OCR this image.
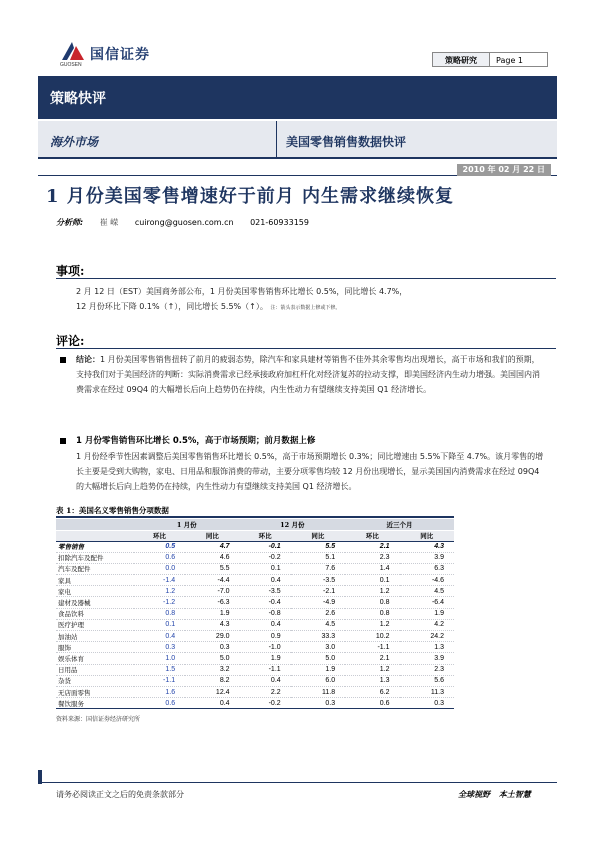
国信证券
GUOSEN	策略研究	Page 1
策略快评
海外市场	美国零售销售数据快评
2010 年 02 月 22 日
1 月份美国零售增速好于前月 内生需求继续恢复
分析师: 崔 嵘 cuirong@guosen.com.cn 021-60933159
事项:
2 月 12 日（EST）美国商务部公布，1 月份美国零售销售环比增长 0.5%，同比增长 4.7%，
12 月份环比下降 0.1%（↑），同比增长 5.5%（↑）。 注：箭头表示数据上修或下修。
评论:
结论：1 月份美国零售销售扭转了前月的疲弱态势，除汽车和家具建材等销售不佳外其余零售均出现增长，高于市场和我们的预期，支持我们对于美国经济的判断：实际消费需求已经承接政府加杠杆化对经济复苏的拉动支撑，即美国经济内生动力增强。美国国内消费需求在经过 09Q4 的大幅增长后向上趋势仍在持续，内生性动力有望继续支持美国 Q1 经济增长。
1 月份零售销售环比增长 0.5%，高于市场预期；前月数据上修
1 月份经季节性因素调整后美国零售销售环比增长 0.5%，高于市场预期增长 0.3%；同比增速由 5.5%下降至 4.7%。该月零售的增长主要是受到大购物，家电、日用品和服饰消费的带动，主要分项零售均较 12 月份出现增长，显示美国国内消费需求在经过 09Q4 的大幅增长后向上趋势仍在持续，内生性动力有望继续支持美国 Q1 经济增长。
表 1：美国名义零售销售分项数据
	1 月份		12 月份		近三个月	
	环比	同比	环比	同比	环比	同比
零售销售	0.5	4.7	-0.1	5.5	2.1	4.3
扣除汽车及配件	0.6	4.6	-0.2	5.1	2.3	3.9
汽车及配件	0.0	5.5	0.1	7.6	1.4	6.3
家具	-1.4	-4.4	0.4	-3.5	0.1	-4.6
家电	1.2	-7.0	-3.5	-2.1	1.2	4.5
建材及器械	-1.2	-6.3	-0.4	-4.9	0.8	-6.4
食品饮料	0.8	1.9	-0.8	2.6	0.8	1.9
医疗护理	0.1	4.3	0.4	4.5	1.2	4.2
加油站	0.4	29.0	0.9	33.3	10.2	24.2
服饰	0.3	0.3	-1.0	3.0	-1.1	1.3
娱乐体育	1.0	5.0	1.9	5.0	2.1	3.9
日用品	1.5	3.2	-1.1	1.9	1.2	2.3
杂货	-1.1	8.2	0.4	6.0	1.3	5.6
无店面零售	1.6	12.4	2.2	11.8	6.2	11.3
餐饮服务	0.6	0.4	-0.2	0.3	0.6	0.3
资料来源：国信证券经济研究所
请务必阅读正文之后的免责条款部分	全球视野 本土智慧
